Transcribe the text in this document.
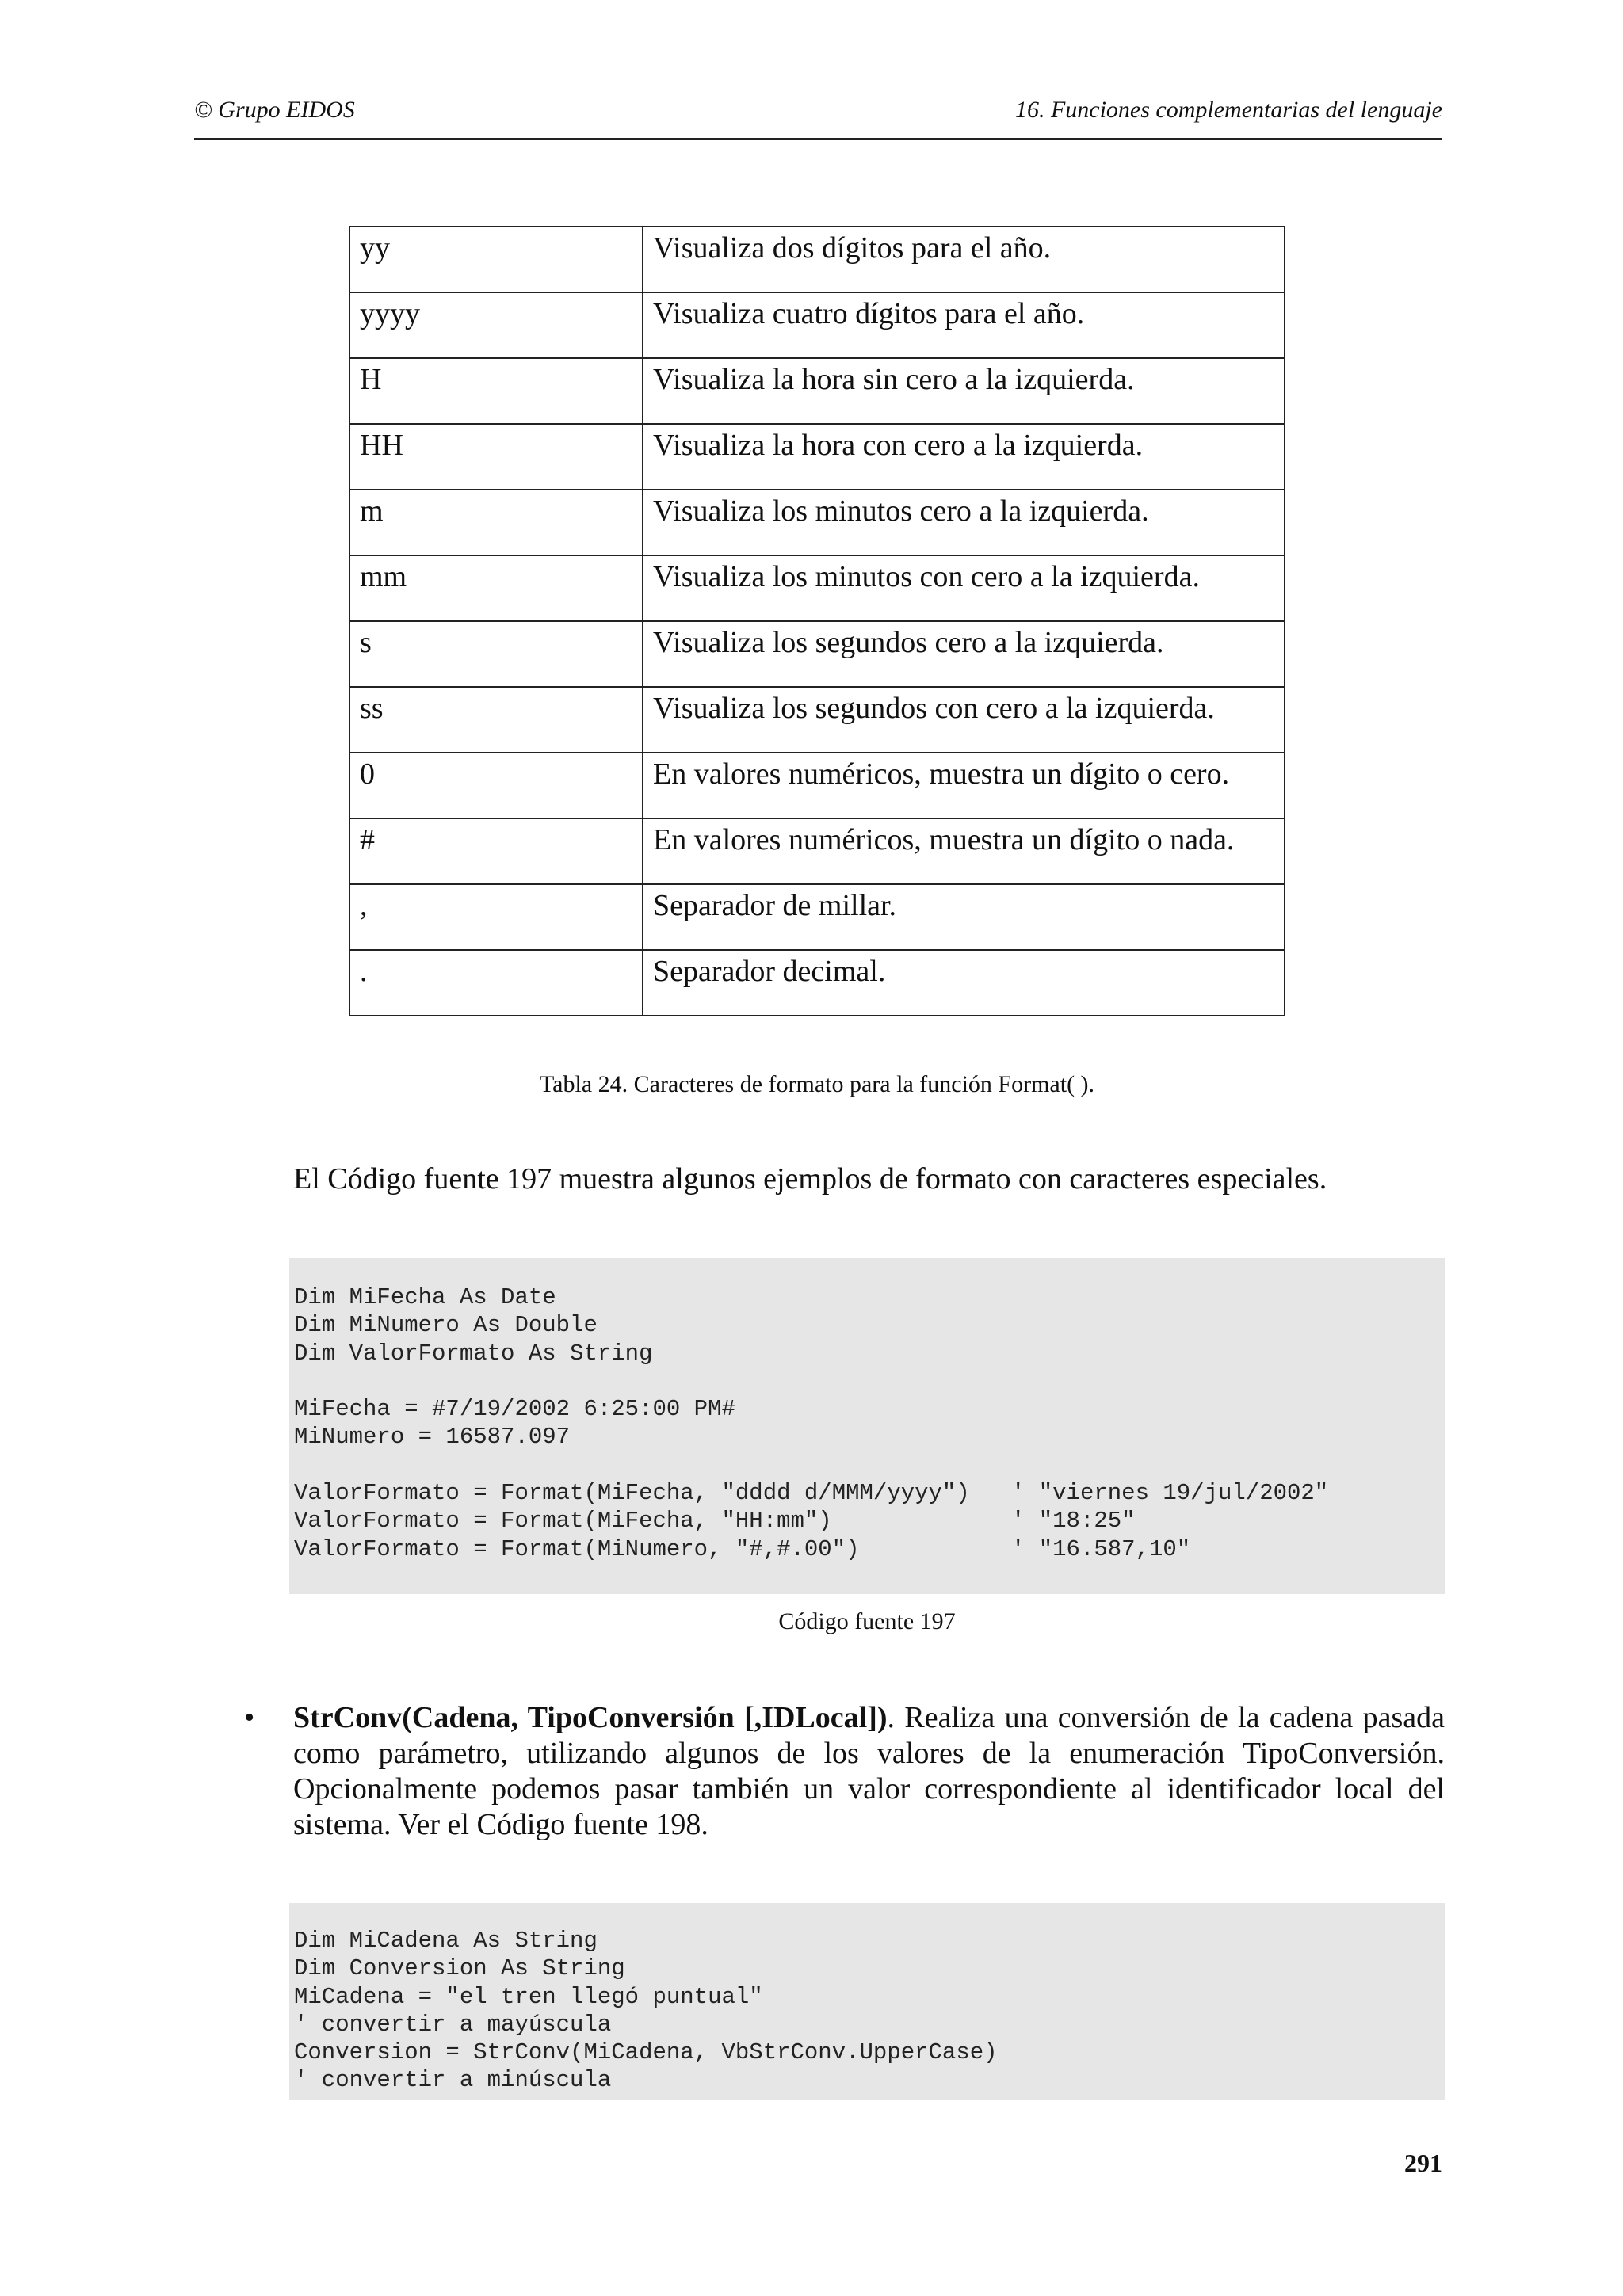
© Grupo EIDOS	16. Funciones complementarias del lenguaje
yy	Visualiza dos dígitos para el año.
yyyy	Visualiza cuatro dígitos para el año.
H	Visualiza la hora sin cero a la izquierda.
HH	Visualiza la hora con cero a la izquierda.
m	Visualiza los minutos cero a la izquierda.
mm	Visualiza los minutos con cero a la izquierda.
s	Visualiza los segundos cero a la izquierda.
ss	Visualiza los segundos con cero a la izquierda.
0	En valores numéricos, muestra un dígito o cero.
#	En valores numéricos, muestra un dígito o nada.
,	Separador de millar.
.	Separador decimal.
Tabla 24. Caracteres de formato para la función Format( ).
El Código fuente 197 muestra algunos ejemplos de formato con caracteres especiales.
Dim MiFecha As Date
Dim MiNumero As Double
Dim ValorFormato As String
MiFecha = #7/19/2002 6:25:00 PM#
MiNumero = 16587.097
ValorFormato = Format(MiFecha, "dddd d/MMM/yyyy")   ' "viernes 19/jul/2002"
ValorFormato = Format(MiFecha, "HH:mm")             ' "18:25"
ValorFormato = Format(MiNumero, "#,#.00")           ' "16.587,10"
Código fuente 197
• StrConv(Cadena, TipoConversión [,IDLocal]). Realiza una conversión de la cadena pasada como parámetro, utilizando algunos de los valores de la enumeración TipoConversión. Opcionalmente podemos pasar también un valor correspondiente al identificador local del sistema. Ver el Código fuente 198.
Dim MiCadena As String
Dim Conversion As String
MiCadena = "el tren llegó puntual"
' convertir a mayúscula
Conversion = StrConv(MiCadena, VbStrConv.UpperCase)
' convertir a minúscula
291
